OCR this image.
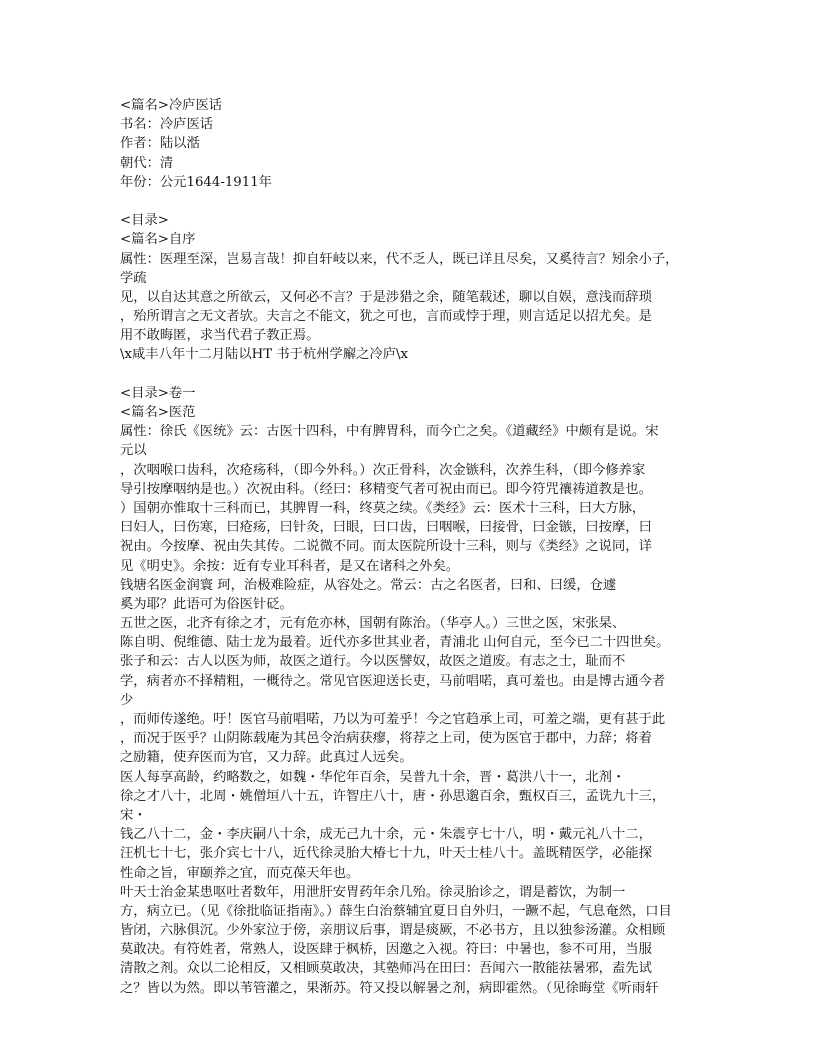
<篇名>冷庐医话
书名：冷庐医话
作者：陆以湉
朝代：清
年份：公元1644-1911年
<目录>
<篇名>自序
属性：医理至深，岂易言哉！抑自轩岐以来，代不乏人，既已详且尽矣，又奚待言？矧余小子，
学疏
见，以自达其意之所欲云，又何必不言？于是涉猎之余，随笔载述，聊以自娱，意浅而辞琐
，殆所谓言之无文者欤。夫言之不能文，犹之可也，言而或悖于理，则言适足以招尤矣。是
用不敢晦匿，求当代君子教正焉。
\x咸丰八年十二月陆以HT 书于杭州学廨之冷庐\x
<目录>卷一
<篇名>医范
属性：徐氏《医统》云：古医十四科，中有脾胃科，而今亡之矣。《道藏经》中颇有是说。宋
元以
，次咽喉口齿科，次疮疡科，（即今外科。）次正骨科，次金镞科，次养生科，（即今修养家
导引按摩咽纳是也。）次祝由科。（经曰：移精变气者可祝由而已。即今符咒禳祷道教是也。
）国朝亦惟取十三科而已，其脾胃一科，终莫之续。《类经》云：医术十三科，曰大方脉，
曰妇人，曰伤寒，曰疮疡，曰针灸，曰眼，曰口齿，曰咽喉，曰接骨，曰金镞，曰按摩，曰
祝由。今按摩、祝由失其传。二说微不同。而太医院所设十三科，则与《类经》之说同，详
见《明史》。余按：近有专业耳科者，是又在诸科之外矣。
钱塘名医金润寰 珂，治极难险症，从容处之。常云：古之名医者，曰和、曰缓，仓遽
奚为耶？此语可为俗医针砭。
五世之医，北齐有徐之才，元有危亦林，国朝有陈治。（华亭人。）三世之医，宋张杲、
陈自明、倪维德、陆士龙为最着。近代亦多世其业者，青浦北 山何自元，至今已二十四世矣。
张子和云：古人以医为师，故医之道行。今以医譬奴，故医之道废。有志之士，耻而不
学，病者亦不择精粗，一概待之。常见官医迎送长吏，马前唱喏，真可羞也。由是博古通今者
少
，而师传遂绝。吁！医官马前唱喏，乃以为可羞乎！今之官趋承上司，可羞之端，更有甚于此
，而况于医乎？山阴陈载庵为其邑令治病获瘳，将荐之上司，使为医官于郡中，力辞；将着
之励籍，使弃医而为官，又力辞。此真过人远矣。
医人每享高龄，约略数之，如魏・华佗年百余，吴普九十余，晋・葛洪八十一，北剂・
徐之才八十，北周・姚僧垣八十五，许智庄八十，唐・孙思邈百余，甄权百三，孟诜九十三，
宋・
钱乙八十二，金・李庆嗣八十余，成无己九十余，元・朱震亨七十八，明・戴元礼八十二，
汪机七十七，张介宾七十八，近代徐灵胎大椿七十九，叶天士桂八十。盖既精医学，必能探
性命之旨，审颐养之宜，而克葆天年也。
叶天士治金某患呕吐者数年，用泄肝安胃药年余几殆。徐灵胎诊之，谓是蓄饮，为制一
方，病立已。（见《徐批临证指南》。）薛生白治蔡辅宜夏日自外归，一蹶不起，气息奄然，口目
皆闭，六脉俱沉。少外家泣于傍，亲朋议后事，谓是痰厥，不必书方，且以独参汤灌。众相顾
莫敢决。有符姓者，常熟人，设医肆于枫桥，因邀之入视。符曰：中暑也，参不可用，当服
清散之剂。众以二论相反，又相顾莫敢决，其塾师冯在田曰：吾闻六一散能祛暑邪，盍先试
之？皆以为然。即以苇管灌之，果渐苏。符又投以解暑之剂，病即霍然。（见徐晦堂《听雨轩
